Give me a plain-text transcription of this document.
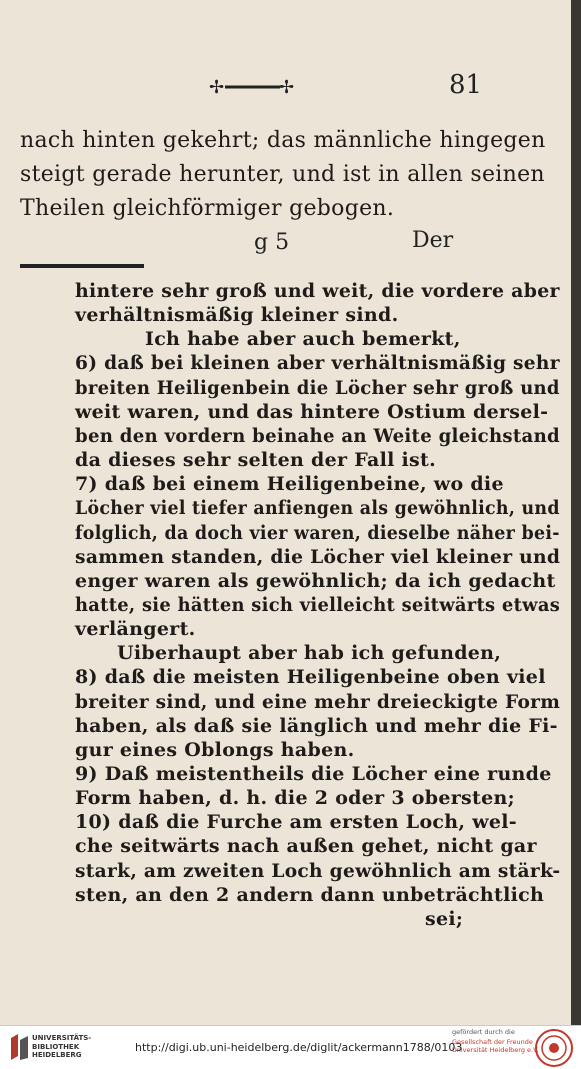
✢	✢	81
nach hinten gekehrt; das männliche hingegen
steigt gerade herunter, und ist in allen seinen
Theilen gleichförmiger gebogen.
g 5	Der
hintere sehr groß und weit, die vordere aber
verhältnismäßig kleiner sind.
Ich habe aber auch bemerkt,
6) daß bei kleinen aber verhältnismäßig sehr
breiten Heiligenbein die Löcher sehr groß und
weit waren, und das hintere Ostium dersel-
ben den vordern beinahe an Weite gleichstand
da dieses sehr selten der Fall ist.
7) daß bei einem Heiligenbeine, wo die
Löcher viel tiefer anfiengen als gewöhnlich, und
folglich, da doch vier waren, dieselbe näher bei-
sammen standen, die Löcher viel kleiner und
enger waren als gewöhnlich; da ich gedacht
hatte, sie hätten sich vielleicht seitwärts etwas
verlängert.
Uiberhaupt aber hab ich gefunden,
8) daß die meisten Heiligenbeine oben viel
breiter sind, und eine mehr dreieckigte Form
haben, als daß sie länglich und mehr die Fi-
gur eines Oblongs haben.
9) Daß meistentheils die Löcher eine runde
Form haben, d. h. die 2 oder 3 obersten;
10) daß die Furche am ersten Loch, wel-
che seitwärts nach außen gehet, nicht gar
stark, am zweiten Loch gewöhnlich am stärk-
sten, an den 2 andern dann unbeträchtlich
sei;
UNIVERSITÄTS-
BIBLIOTHEK
HEIDELBERG
http://digi.ub.uni-heidelberg.de/diglit/ackermann1788/0103
gefördert durch die
Gesellschaft der Freunde
Universität Heidelberg e.V.
